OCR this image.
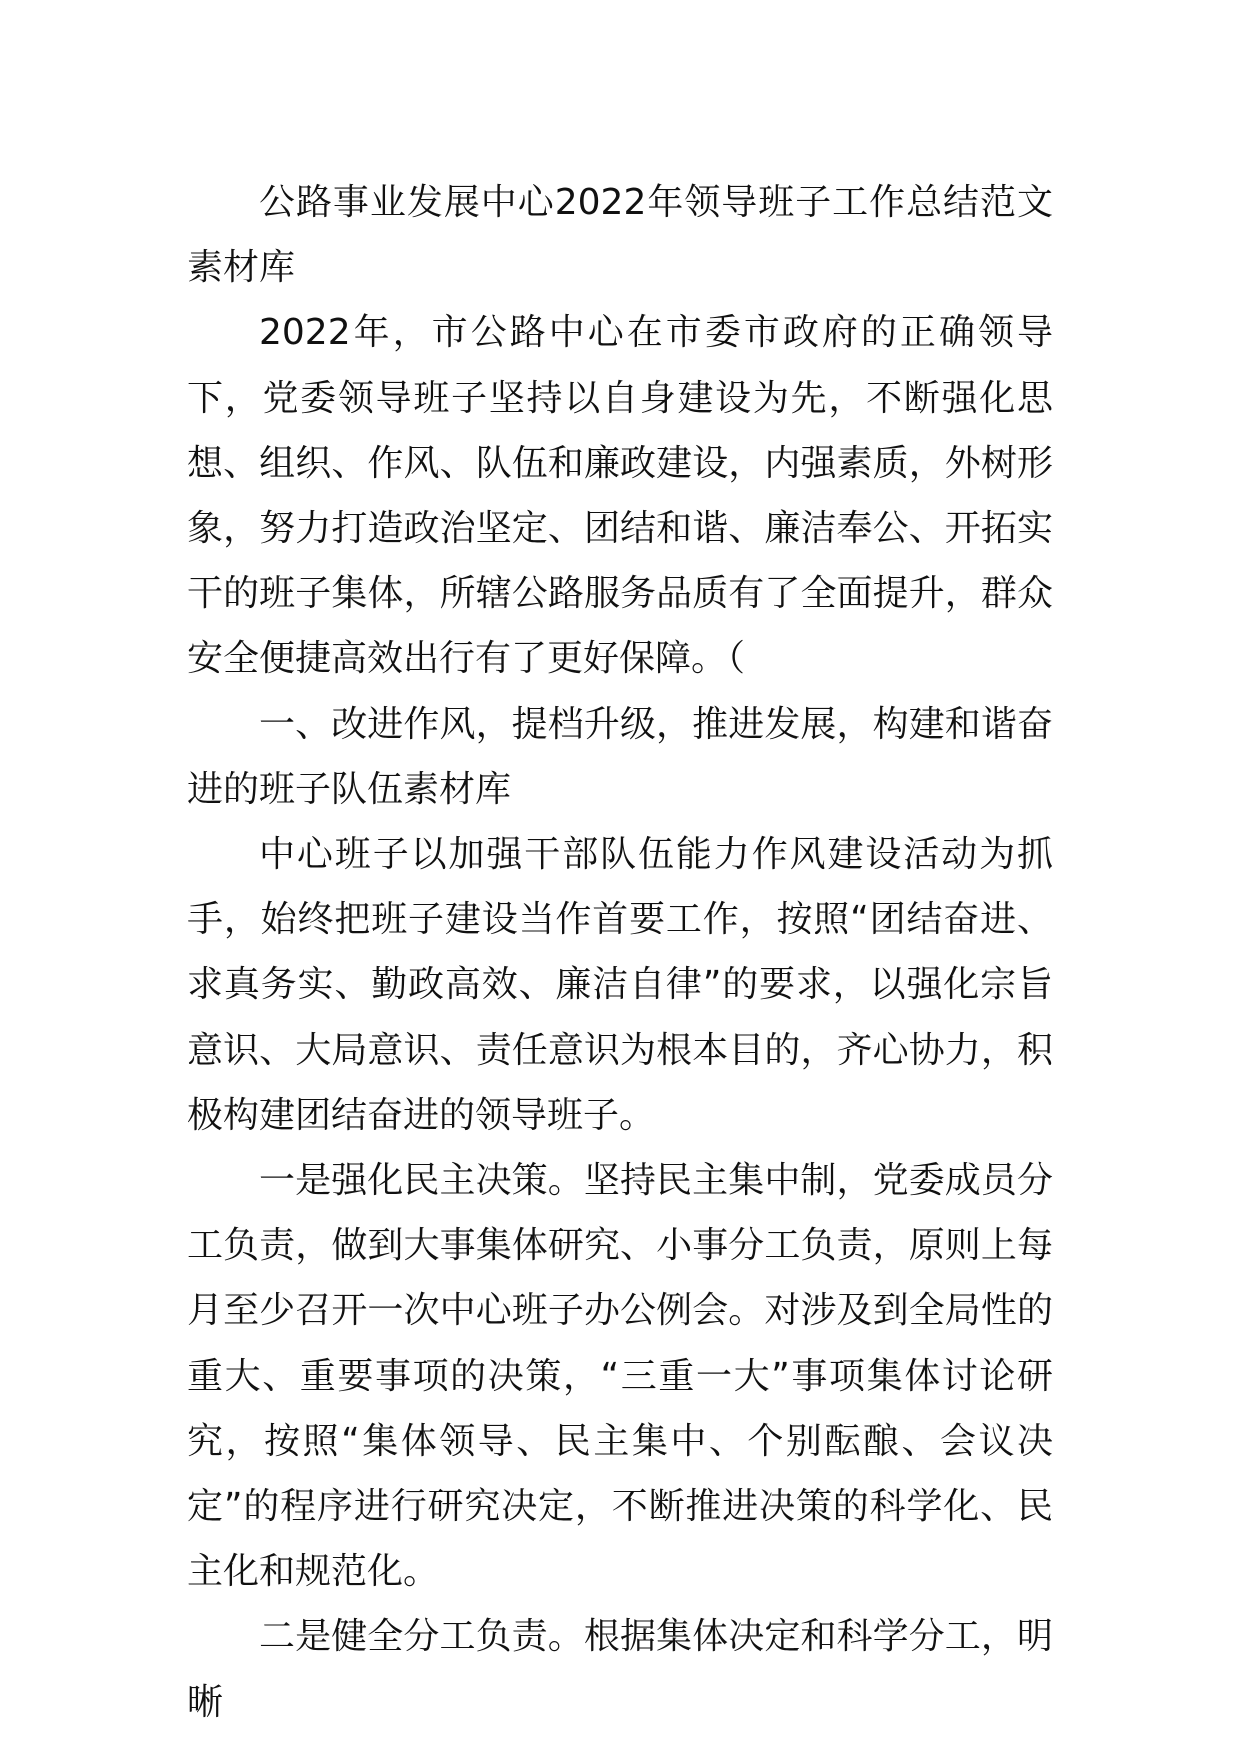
公路事业发展中心2022年领导班子工作总结范文素材库

2022年，市公路中心在市委市政府的正确领导下，党委领导班子坚持以自身建设为先，不断强化思想、组织、作风、队伍和廉政建设，内强素质，外树形象，努力打造政治坚定、团结和谐、廉洁奉公、开拓实干的班子集体，所辖公路服务品质有了全面提升，群众安全便捷高效出行有了更好保障。（

一、改进作风，提档升级，推进发展，构建和谐奋进的班子队伍素材库

中心班子以加强干部队伍能力作风建设活动为抓手，始终把班子建设当作首要工作，按照“团结奋进、求真务实、勤政高效、廉洁自律”的要求，以强化宗旨意识、大局意识、责任意识为根本目的，齐心协力，积极构建团结奋进的领导班子。

一是强化民主决策。坚持民主集中制，党委成员分工负责，做到大事集体研究、小事分工负责，原则上每月至少召开一次中心班子办公例会。对涉及到全局性的重大、重要事项的决策，“三重一大”事项集体讨论研究，按照“集体领导、民主集中、个别酝酿、会议决定”的程序进行研究决定，不断推进决策的科学化、民主化和规范化。

二是健全分工负责。根据集体决定和科学分工，明晰
